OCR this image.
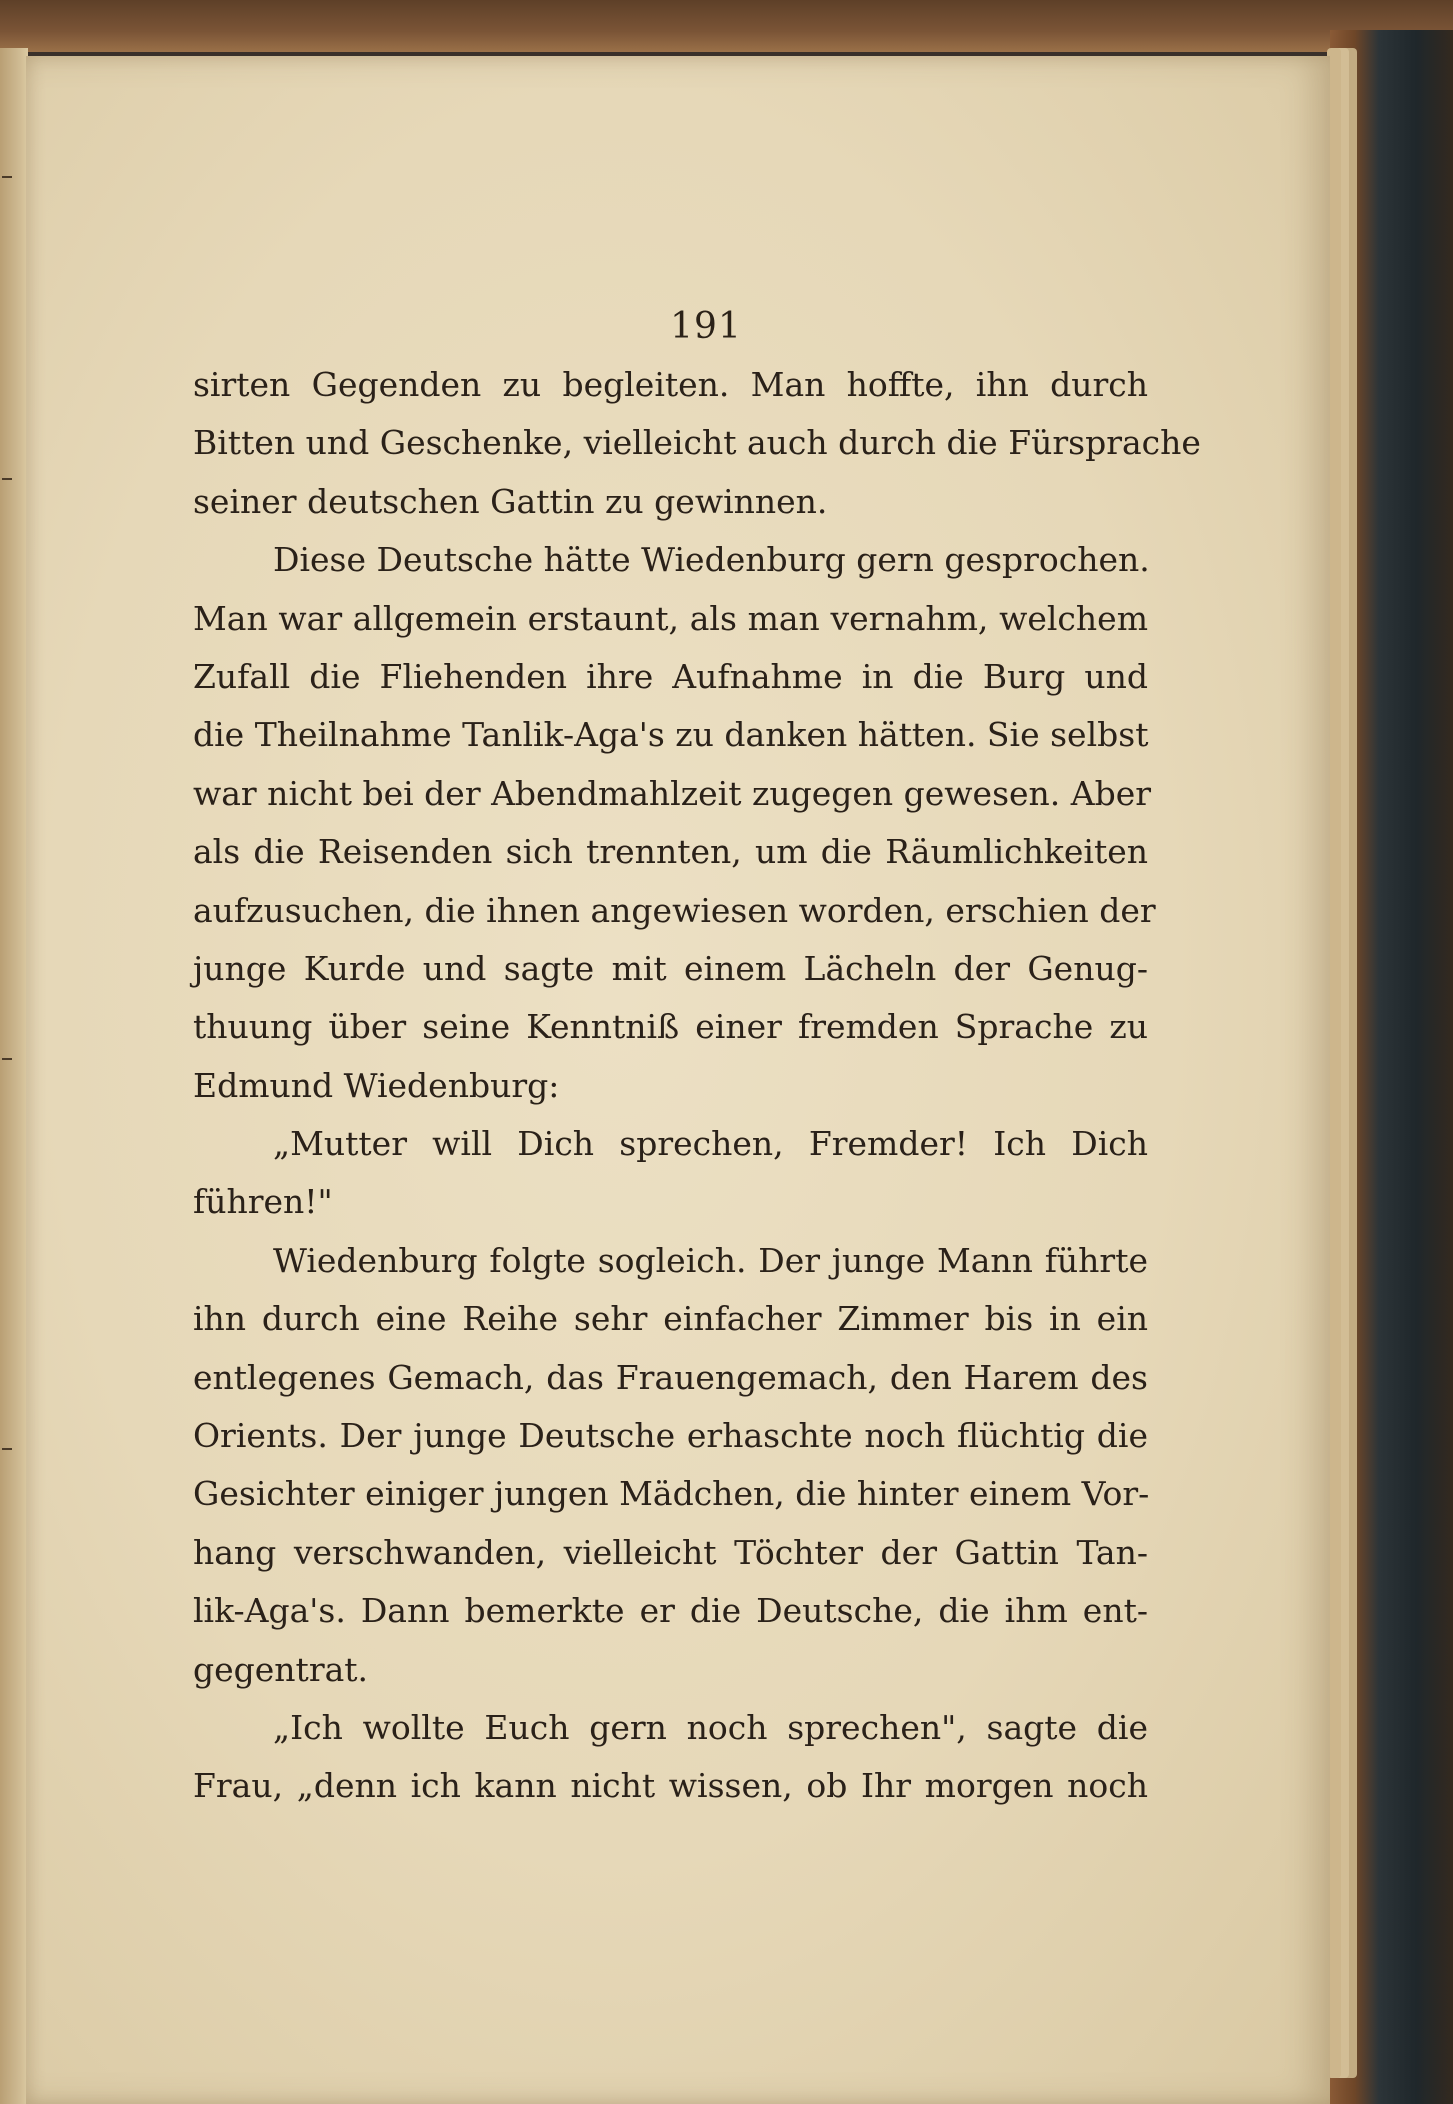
191
sirten Gegenden zu begleiten. Man hoffte, ihn durch
Bitten und Geschenke, vielleicht auch durch die Fürsprache
seiner deutschen Gattin zu gewinnen.
Diese Deutsche hätte Wiedenburg gern gesprochen.
Man war allgemein erstaunt, als man vernahm, welchem
Zufall die Fliehenden ihre Aufnahme in die Burg und
die Theilnahme Tanlik-Aga's zu danken hätten. Sie selbst
war nicht bei der Abendmahlzeit zugegen gewesen. Aber
als die Reisenden sich trennten, um die Räumlichkeiten
aufzusuchen, die ihnen angewiesen worden, erschien der
junge Kurde und sagte mit einem Lächeln der Genug-
thuung über seine Kenntniß einer fremden Sprache zu
Edmund Wiedenburg:
„Mutter will Dich sprechen, Fremder! Ich Dich
führen!"
Wiedenburg folgte sogleich. Der junge Mann führte
ihn durch eine Reihe sehr einfacher Zimmer bis in ein
entlegenes Gemach, das Frauengemach, den Harem des
Orients. Der junge Deutsche erhaschte noch flüchtig die
Gesichter einiger jungen Mädchen, die hinter einem Vor-
hang verschwanden, vielleicht Töchter der Gattin Tan-
lik-Aga's. Dann bemerkte er die Deutsche, die ihm ent-
gegentrat.
„Ich wollte Euch gern noch sprechen", sagte die
Frau, „denn ich kann nicht wissen, ob Ihr morgen noch
